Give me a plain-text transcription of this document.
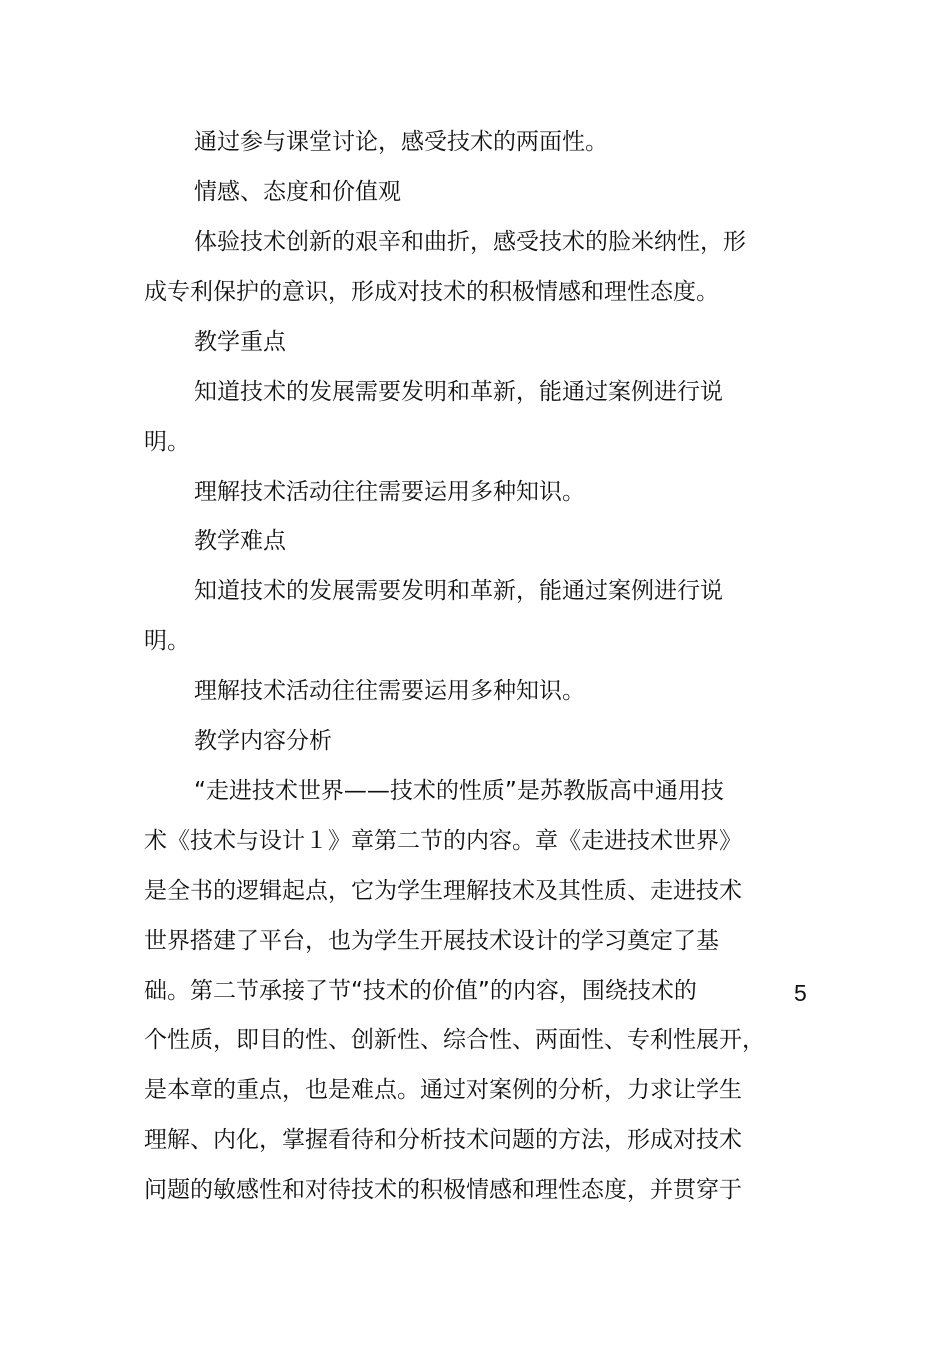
通过参与课堂讨论，感受技术的两面性。
情感、态度和价值观
体验技术创新的艰辛和曲折，感受技术的脸米纳性，形
成专利保护的意识，形成对技术的积极情感和理性态度。
教学重点
知道技术的发展需要发明和革新，能通过案例进行说
明。
理解技术活动往往需要运用多种知识。
教学难点
知道技术的发展需要发明和革新，能通过案例进行说
明。
理解技术活动往往需要运用多种知识。
教学内容分析
“走进技术世界——技术的性质”是苏教版高中通用技
术《技术与设计１》章第二节的内容。章《走进技术世界》
是全书的逻辑起点，它为学生理解技术及其性质、走进技术
世界搭建了平台，也为学生开展技术设计的学习奠定了基
础。第二节承接了节“技术的价值”的内容，围绕技术的
个性质，即目的性、创新性、综合性、两面性、专利性展开，
是本章的重点，也是难点。通过对案例的分析，力求让学生
理解、内化，掌握看待和分析技术问题的方法，形成对技术
问题的敏感性和对待技术的积极情感和理性态度，并贯穿于
5
